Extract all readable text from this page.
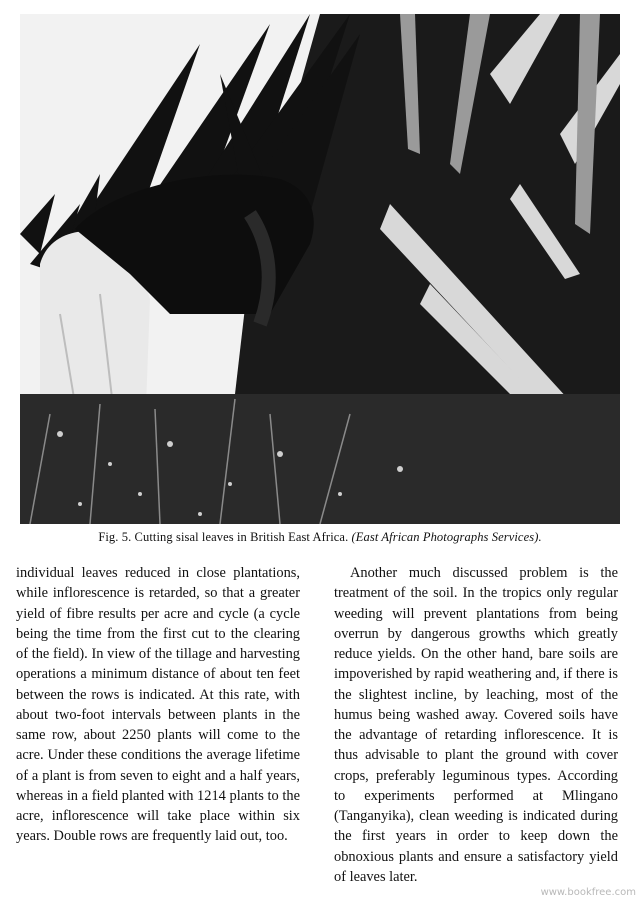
Fig. 5. Cutting sisal leaves in British East Africa. (East African Photographs Services).

individual leaves reduced in close plantations, while inflorescence is retarded, so that a greater yield of fibre results per acre and cycle (a cycle being the time from the first cut to the clearing of the field). In view of the tillage and harvesting operations a minimum distance of about ten feet between the rows is indicated. At this rate, with about two-foot intervals between plants in the same row, about 2250 plants will come to the acre. Under these conditions the average lifetime of a plant is from seven to eight and a half years, whereas in a field planted with 1214 plants to the acre, inflorescence will take place within six years. Double rows are frequently laid out, too.

Another much discussed problem is the treatment of the soil. In the tropics only regular weeding will prevent plantations from being overrun by dangerous growths which greatly reduce yields. On the other hand, bare soils are impoverished by rapid weathering and, if there is the slightest incline, by leaching, most of the humus being washed away. Covered soils have the advantage of retarding inflorescence. It is thus advisable to plant the ground with cover crops, preferably leguminous types. According to experiments performed at Mlingano (Tanganyika), clean weeding is indicated during the first years in order to keep down the obnoxious plants and ensure a satisfactory yield of leaves later.

www.bookfree.com
